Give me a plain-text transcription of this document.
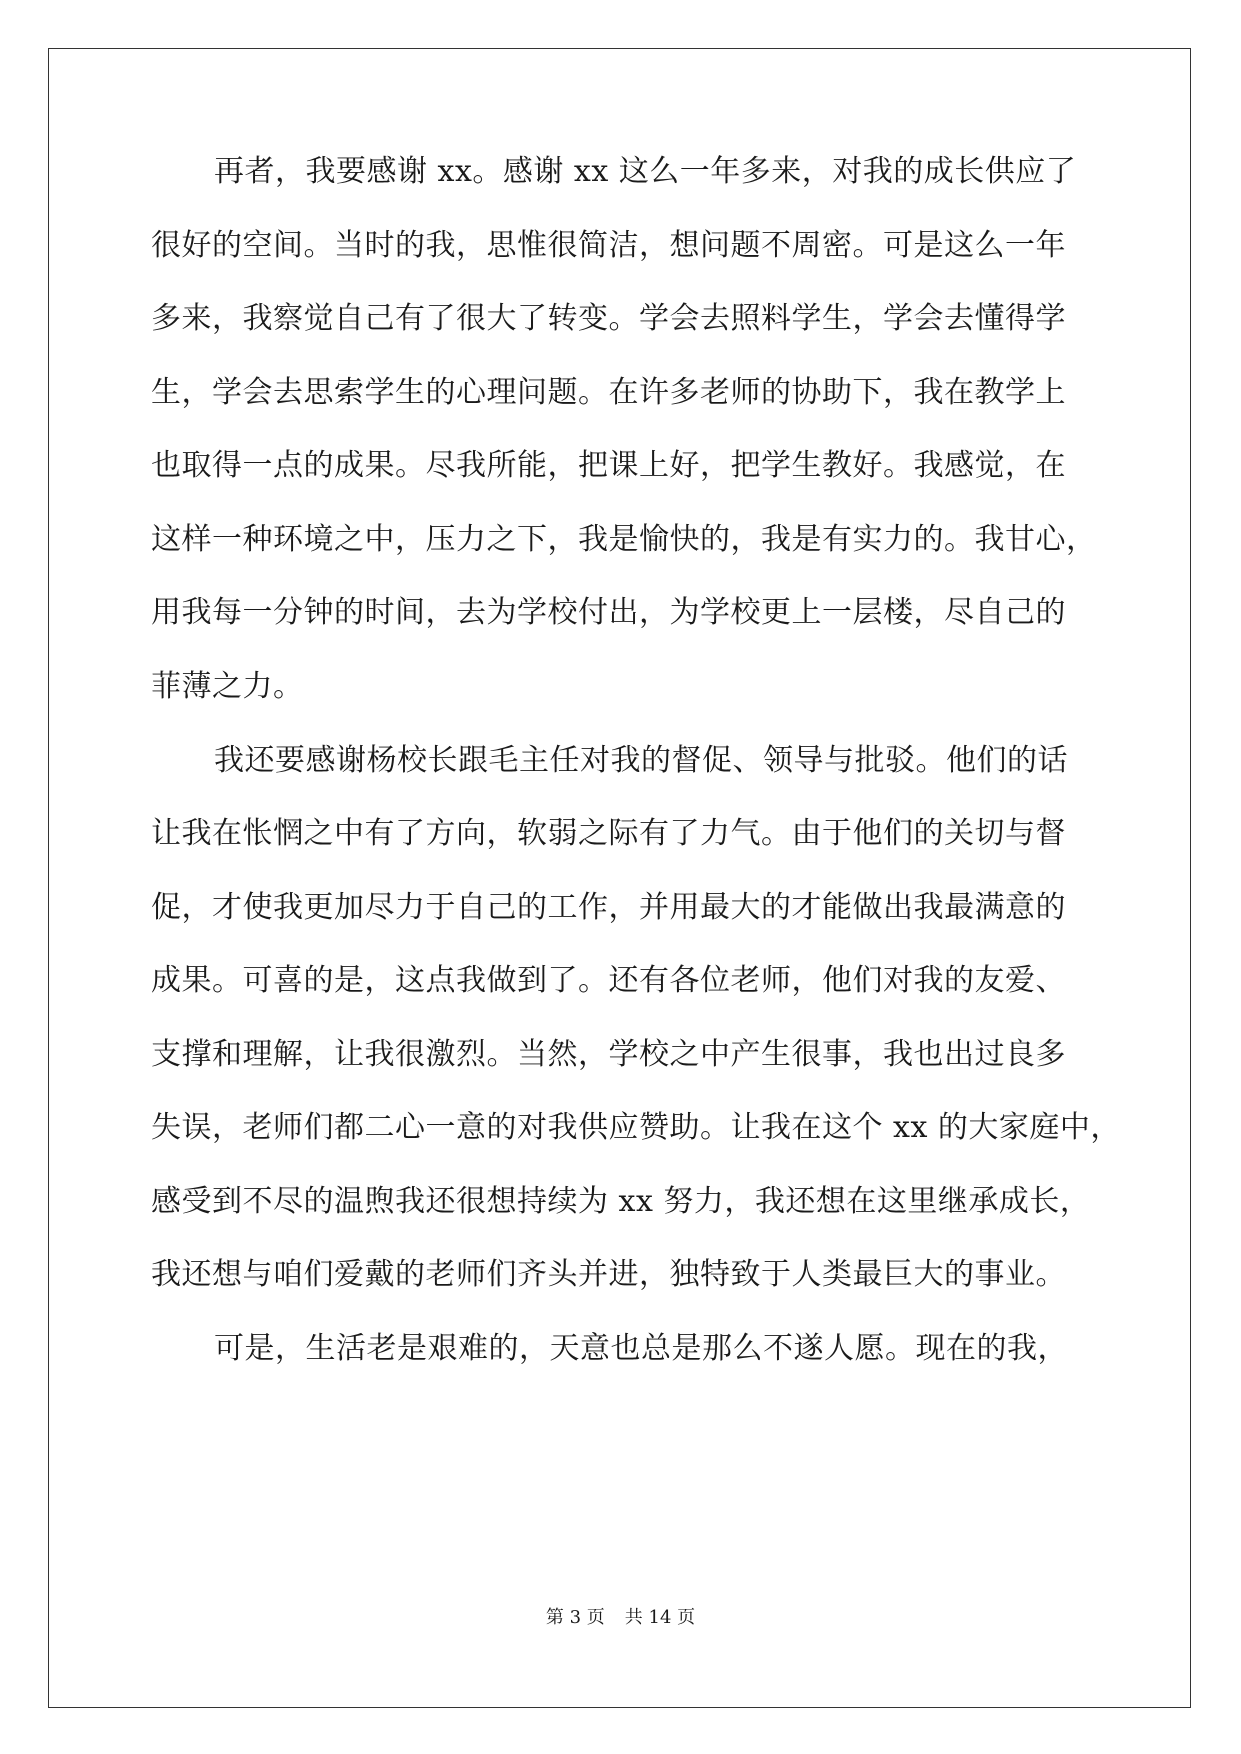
再者，我要感谢 xx。感谢 xx 这么一年多来，对我的成长供应了
很好的空间。当时的我，思惟很简洁，想问题不周密。可是这么一年
多来，我察觉自己有了很大了转变。学会去照料学生，学会去懂得学
生，学会去思索学生的心理问题。在许多老师的协助下，我在教学上
也取得一点的成果。尽我所能，把课上好，把学生教好。我感觉，在
这样一种环境之中，压力之下，我是愉快的，我是有实力的。我甘心，
用我每一分钟的时间，去为学校付出，为学校更上一层楼，尽自己的
菲薄之力。
我还要感谢杨校长跟毛主任对我的督促、领导与批驳。他们的话
让我在怅惘之中有了方向，软弱之际有了力气。由于他们的关切与督
促，才使我更加尽力于自己的工作，并用最大的才能做出我最满意的
成果。可喜的是，这点我做到了。还有各位老师，他们对我的友爱、
支撑和理解，让我很激烈。当然，学校之中产生很事，我也出过良多
失误，老师们都二心一意的对我供应赞助。让我在这个 xx 的大家庭中，
感受到不尽的温煦我还很想持续为 xx 努力，我还想在这里继承成长，
我还想与咱们爱戴的老师们齐头并进，独特致于人类最巨大的事业。
可是，生活老是艰难的，天意也总是那么不遂人愿。现在的我，
第 3 页 共 14 页
